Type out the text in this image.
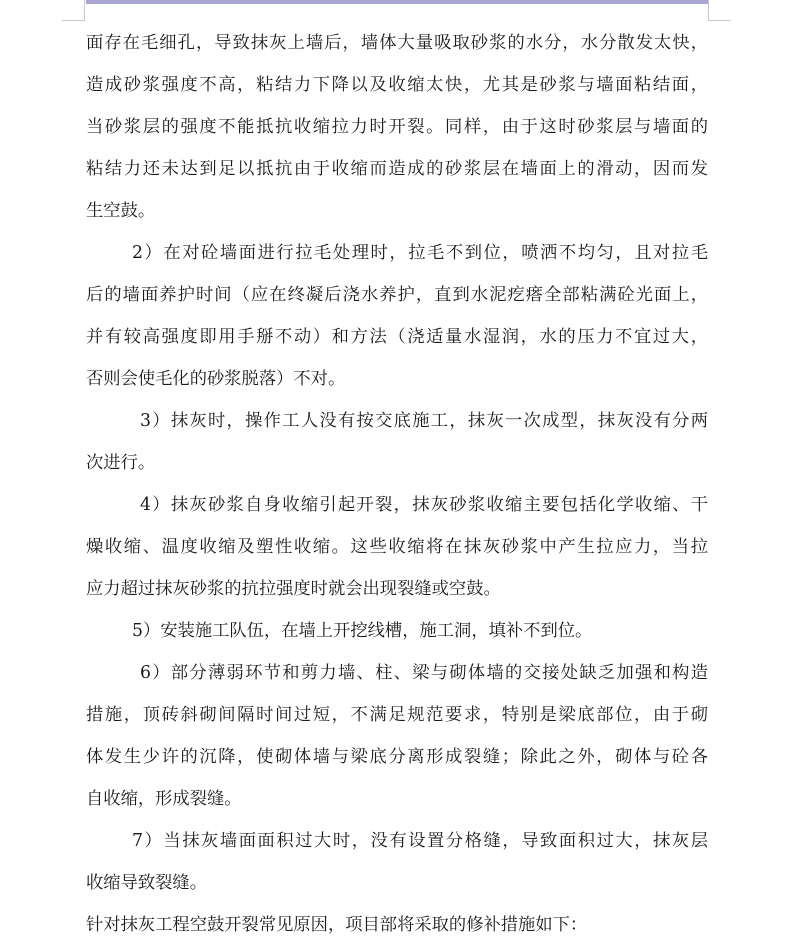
面存在毛细孔，导致抹灰上墙后，墙体大量吸取砂浆的水分，水分散发太快，
造成砂浆强度不高，粘结力下降以及收缩太快，尤其是砂浆与墙面粘结面，
当砂浆层的强度不能抵抗收缩拉力时开裂。同样，由于这时砂浆层与墙面的
粘结力还未达到足以抵抗由于收缩而造成的砂浆层在墙面上的滑动，因而发
生空鼓。
2）在对砼墙面进行拉毛处理时，拉毛不到位，喷洒不均匀，且对拉毛
后的墙面养护时间（应在终凝后浇水养护，直到水泥疙瘩全部粘满砼光面上，
并有较高强度即用手掰不动）和方法（浇适量水湿润，水的压力不宜过大，
否则会使毛化的砂浆脱落）不对。
3）抹灰时，操作工人没有按交底施工，抹灰一次成型，抹灰没有分两
次进行。
4）抹灰砂浆自身收缩引起开裂，抹灰砂浆收缩主要包括化学收缩、干
燥收缩、温度收缩及塑性收缩。这些收缩将在抹灰砂浆中产生拉应力，当拉
应力超过抹灰砂浆的抗拉强度时就会出现裂缝或空鼓。
5）安装施工队伍，在墙上开挖线槽，施工洞，填补不到位。
6）部分薄弱环节和剪力墙、柱、梁与砌体墙的交接处缺乏加强和构造
措施，顶砖斜砌间隔时间过短，不满足规范要求，特别是梁底部位，由于砌
体发生少许的沉降，使砌体墙与梁底分离形成裂缝；除此之外，砌体与砼各
自收缩，形成裂缝。
7）当抹灰墙面面积过大时，没有设置分格缝，导致面积过大，抹灰层
收缩导致裂缝。
针对抹灰工程空鼓开裂常见原因，项目部将采取的修补措施如下：
